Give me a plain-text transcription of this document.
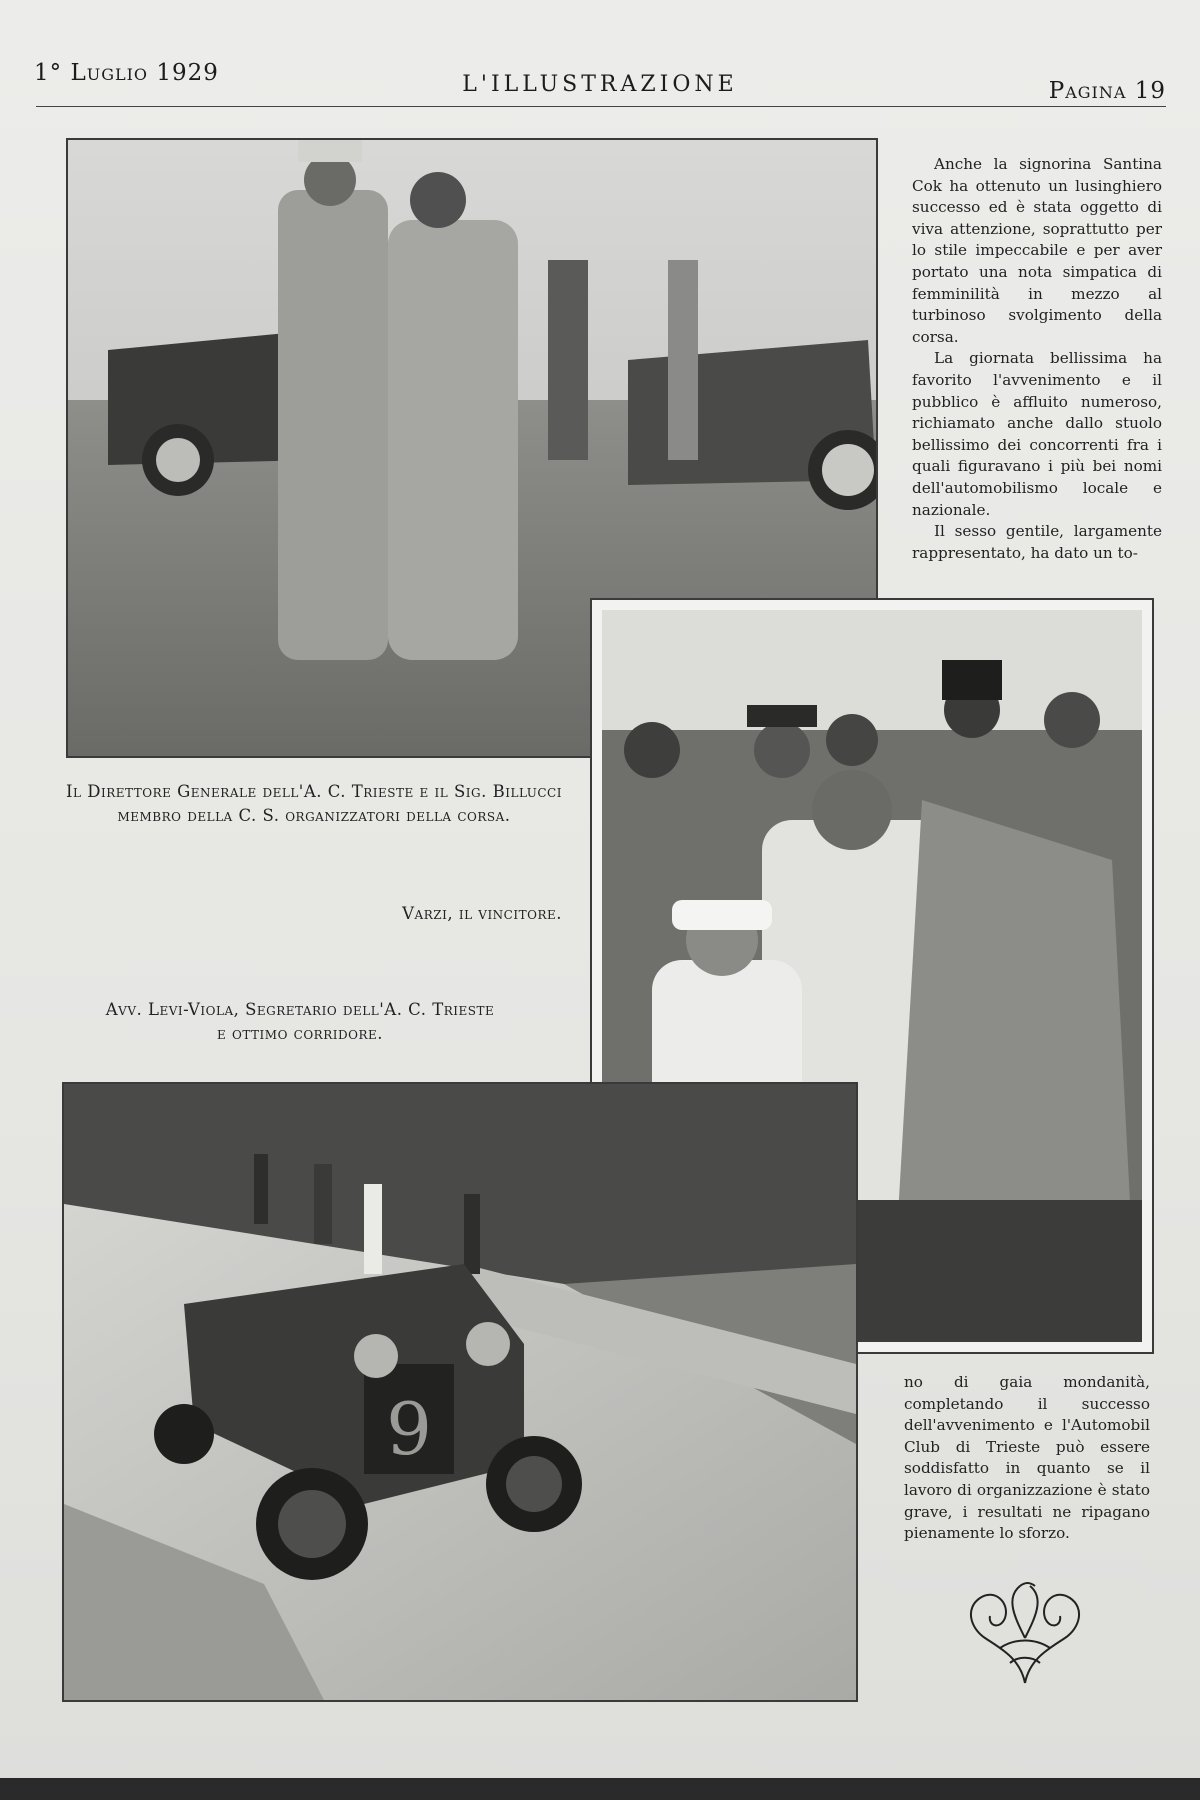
1° Luglio 1929	L'ILLUSTRAZIONE	Pagina 19

Anche la signorina Santina Cok ha ottenuto un lusinghiero successo ed è stata oggetto di viva attenzione, soprattutto per lo stile impeccabile e per aver portato una nota simpatica di femminilità in mezzo al turbinoso svolgimento della corsa.

La giornata bellissima ha favorito l'avvenimento e il pubblico è affluito numeroso, richiamato anche dallo stuolo bellissimo dei concorrenti fra i quali figuravano i più bei nomi dell'automobilismo locale e nazionale.

Il sesso gentile, largamente rappresentato, ha dato un to-

Il Direttore Generale dell'A. C. Trieste e il Sig. Billucci
membro della C. S. organizzatori della corsa.
Varzi, il vincitore.
Avv. Levi-Viola, Segretario dell'A. C. Trieste
e ottimo corridore.
9

no di gaia mondanità, completando il successo dell'avvenimento e l'Automobil Club di Trieste può essere soddisfatto in quanto se il lavoro di organizzazione è stato grave, i resultati ne ripagano pienamente lo sforzo.
